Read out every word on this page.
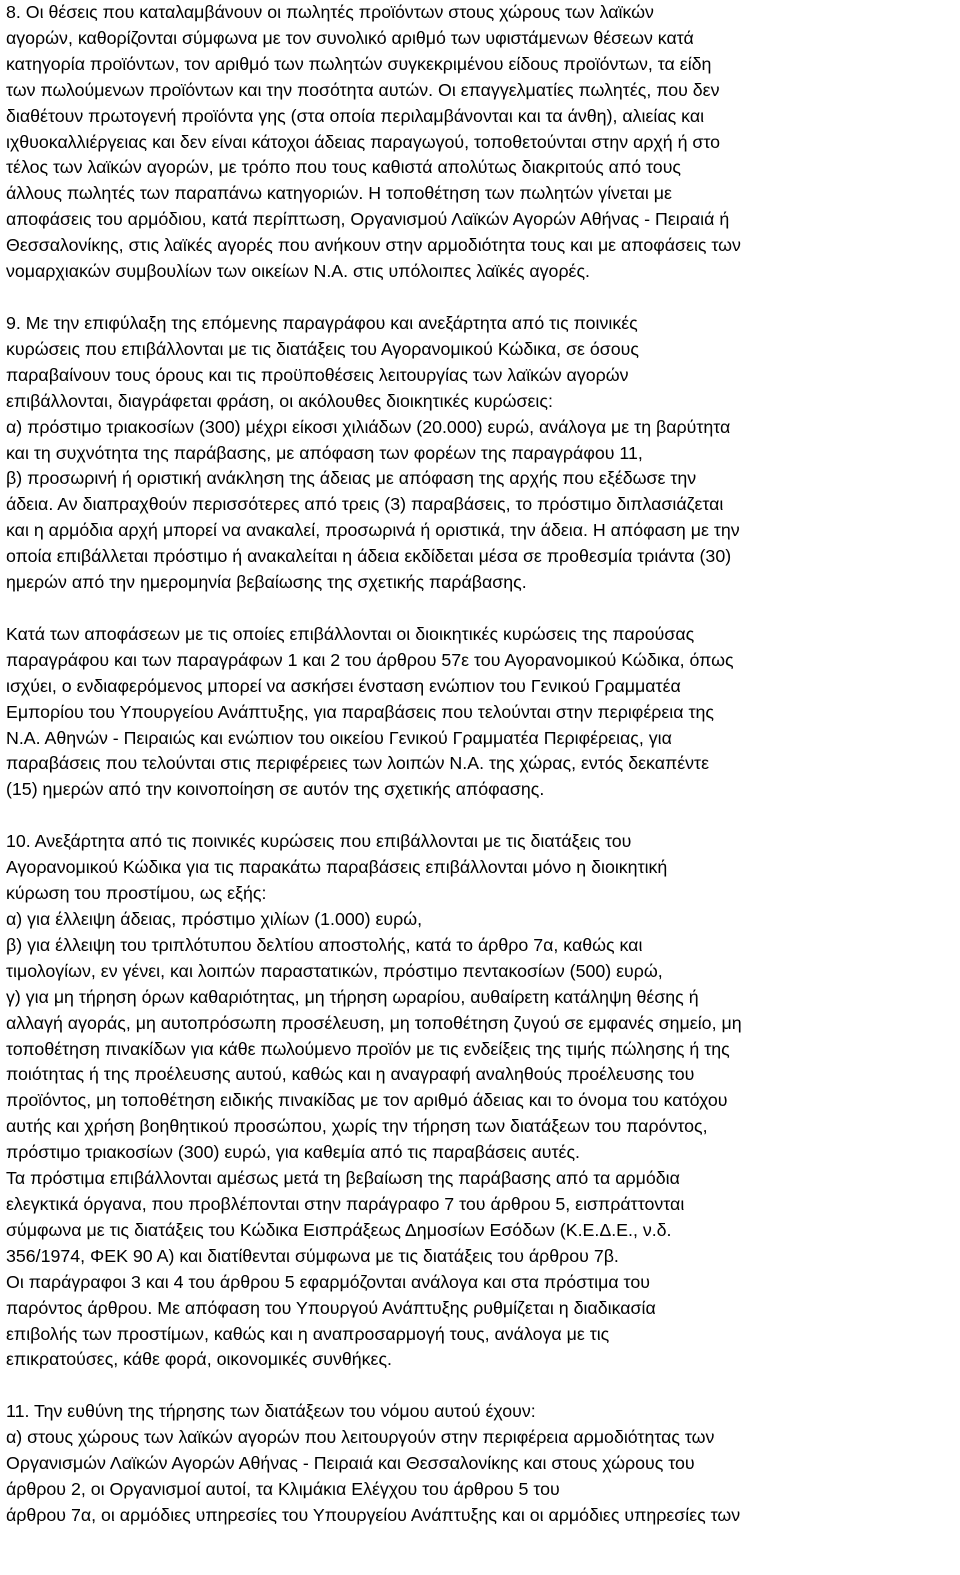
8. Οι θέσεις που καταλαμβάνουν οι πωλητές προϊόντων στους χώρους των λαϊκών
αγορών, καθορίζονται σύμφωνα με τον συνολικό αριθμό των υφιστάμενων θέσεων κατά
κατηγορία προϊόντων, τον αριθμό των πωλητών συγκεκριμένου είδους προϊόντων, τα είδη
των πωλούμενων προϊόντων και την ποσότητα αυτών. Οι επαγγελματίες πωλητές, που δεν
διαθέτουν πρωτογενή προϊόντα γης (στα οποία περιλαμβάνονται και τα άνθη), αλιείας και
ιχθυοκαλλιέργειας και δεν είναι κάτοχοι άδειας παραγωγού, τοποθετούνται στην αρχή ή στο
τέλος των λαϊκών αγορών, με τρόπο που τους καθιστά απολύτως διακριτούς από τους
άλλους πωλητές των παραπάνω κατηγοριών. Η τοποθέτηση των πωλητών γίνεται με
αποφάσεις του αρμόδιου, κατά περίπτωση, Οργανισμού Λαϊκών Αγορών Αθήνας - Πειραιά ή
Θεσσαλονίκης, στις λαϊκές αγορές που ανήκουν στην αρμοδιότητα τους και με αποφάσεις των
νομαρχιακών συμβουλίων των οικείων Ν.Α. στις υπόλοιπες λαϊκές αγορές.

9. Με την επιφύλαξη της επόμενης παραγράφου και ανεξάρτητα από τις ποινικές
κυρώσεις που επιβάλλονται με τις διατάξεις του Αγορανομικού Κώδικα, σε όσους
παραβαίνουν τους όρους και τις προϋποθέσεις λειτουργίας των λαϊκών αγορών
επιβάλλονται, διαγράφεται φράση, οι ακόλουθες διοικητικές κυρώσεις:
α) πρόστιμο τριακοσίων (300) μέχρι είκοσι χιλιάδων (20.000) ευρώ, ανάλογα με τη βαρύτητα
και τη συχνότητα της παράβασης, με απόφαση των φορέων της παραγράφου 11,
β) προσωρινή ή οριστική ανάκληση της άδειας με απόφαση της αρχής που εξέδωσε την
άδεια. Αν διαπραχθούν περισσότερες από τρεις (3) παραβάσεις, το πρόστιμο διπλασιάζεται
και η αρμόδια αρχή μπορεί να ανακαλεί, προσωρινά ή οριστικά, την άδεια. Η απόφαση με την
οποία επιβάλλεται πρόστιμο ή ανακαλείται η άδεια εκδίδεται μέσα σε προθεσμία τριάντα (30)
ημερών από την ημερομηνία βεβαίωσης της σχετικής παράβασης.

Κατά των αποφάσεων με τις οποίες επιβάλλονται οι διοικητικές κυρώσεις της παρούσας
παραγράφου και των παραγράφων 1 και 2 του άρθρου 57ε του Αγορανομικού Κώδικα, όπως
ισχύει, ο ενδιαφερόμενος μπορεί να ασκήσει ένσταση ενώπιον του Γενικού Γραμματέα
Εμπορίου του Υπουργείου Ανάπτυξης, για παραβάσεις που τελούνται στην περιφέρεια της
Ν.Α. Αθηνών - Πειραιώς και ενώπιον του οικείου Γενικού Γραμματέα Περιφέρειας, για
παραβάσεις που τελούνται στις περιφέρειες των λοιπών Ν.Α. της χώρας, εντός δεκαπέντε
(15) ημερών από την κοινοποίηση σε αυτόν της σχετικής απόφασης.

10. Ανεξάρτητα από τις ποινικές κυρώσεις που επιβάλλονται με τις διατάξεις του
Αγορανομικού Κώδικα για τις παρακάτω παραβάσεις επιβάλλονται μόνο η διοικητική
κύρωση του προστίμου, ως εξής:
α) για έλλειψη άδειας, πρόστιμο χιλίων (1.000) ευρώ,
β) για έλλειψη του τριπλότυπου δελτίου αποστολής, κατά το άρθρο 7α, καθώς και
τιμολογίων, εν γένει, και λοιπών παραστατικών, πρόστιμο πεντακοσίων (500) ευρώ,
γ) για μη τήρηση όρων καθαριότητας, μη τήρηση ωραρίου, αυθαίρετη κατάληψη θέσης ή
αλλαγή αγοράς, μη αυτοπρόσωπη προσέλευση, μη τοποθέτηση ζυγού σε εμφανές σημείο, μη
τοποθέτηση πινακίδων για κάθε πωλούμενο προϊόν με τις ενδείξεις της τιμής πώλησης ή της
ποιότητας ή της προέλευσης αυτού, καθώς και η αναγραφή αναληθούς προέλευσης του
προϊόντος, μη τοποθέτηση ειδικής πινακίδας με τον αριθμό άδειας και το όνομα του κατόχου
αυτής και χρήση βοηθητικού προσώπου, χωρίς την τήρηση των διατάξεων του παρόντος,
πρόστιμο τριακοσίων (300) ευρώ, για καθεμία από τις παραβάσεις αυτές.
Τα πρόστιμα επιβάλλονται αμέσως μετά τη βεβαίωση της παράβασης από τα αρμόδια
ελεγκτικά όργανα, που προβλέπονται στην παράγραφο 7 του άρθρου 5, εισπράττονται
σύμφωνα με τις διατάξεις του Κώδικα Εισπράξεως Δημοσίων Εσόδων (Κ.Ε.Δ.Ε., ν.δ.
356/1974, ΦΕΚ 90 Α) και διατίθενται σύμφωνα με τις διατάξεις του άρθρου 7β.
Οι παράγραφοι 3 και 4 του άρθρου 5 εφαρμόζονται ανάλογα και στα πρόστιμα του
παρόντος άρθρου. Με απόφαση του Υπουργού Ανάπτυξης ρυθμίζεται η διαδικασία
επιβολής των προστίμων, καθώς και η αναπροσαρμογή τους, ανάλογα με τις
επικρατούσες, κάθε φορά, οικονομικές συνθήκες.

11. Την ευθύνη της τήρησης των διατάξεων του νόμου αυτού έχουν:
α) στους χώρους των λαϊκών αγορών που λειτουργούν στην περιφέρεια αρμοδιότητας των
Οργανισμών Λαϊκών Αγορών Αθήνας - Πειραιά και Θεσσαλονίκης και στους χώρους του
άρθρου 2, οι Οργανισμοί αυτοί, τα Κλιμάκια Ελέγχου του άρθρου 5 του
άρθρου 7α, οι αρμόδιες υπηρεσίες του Υπουργείου Ανάπτυξης και οι αρμόδιες υπηρεσίες των
